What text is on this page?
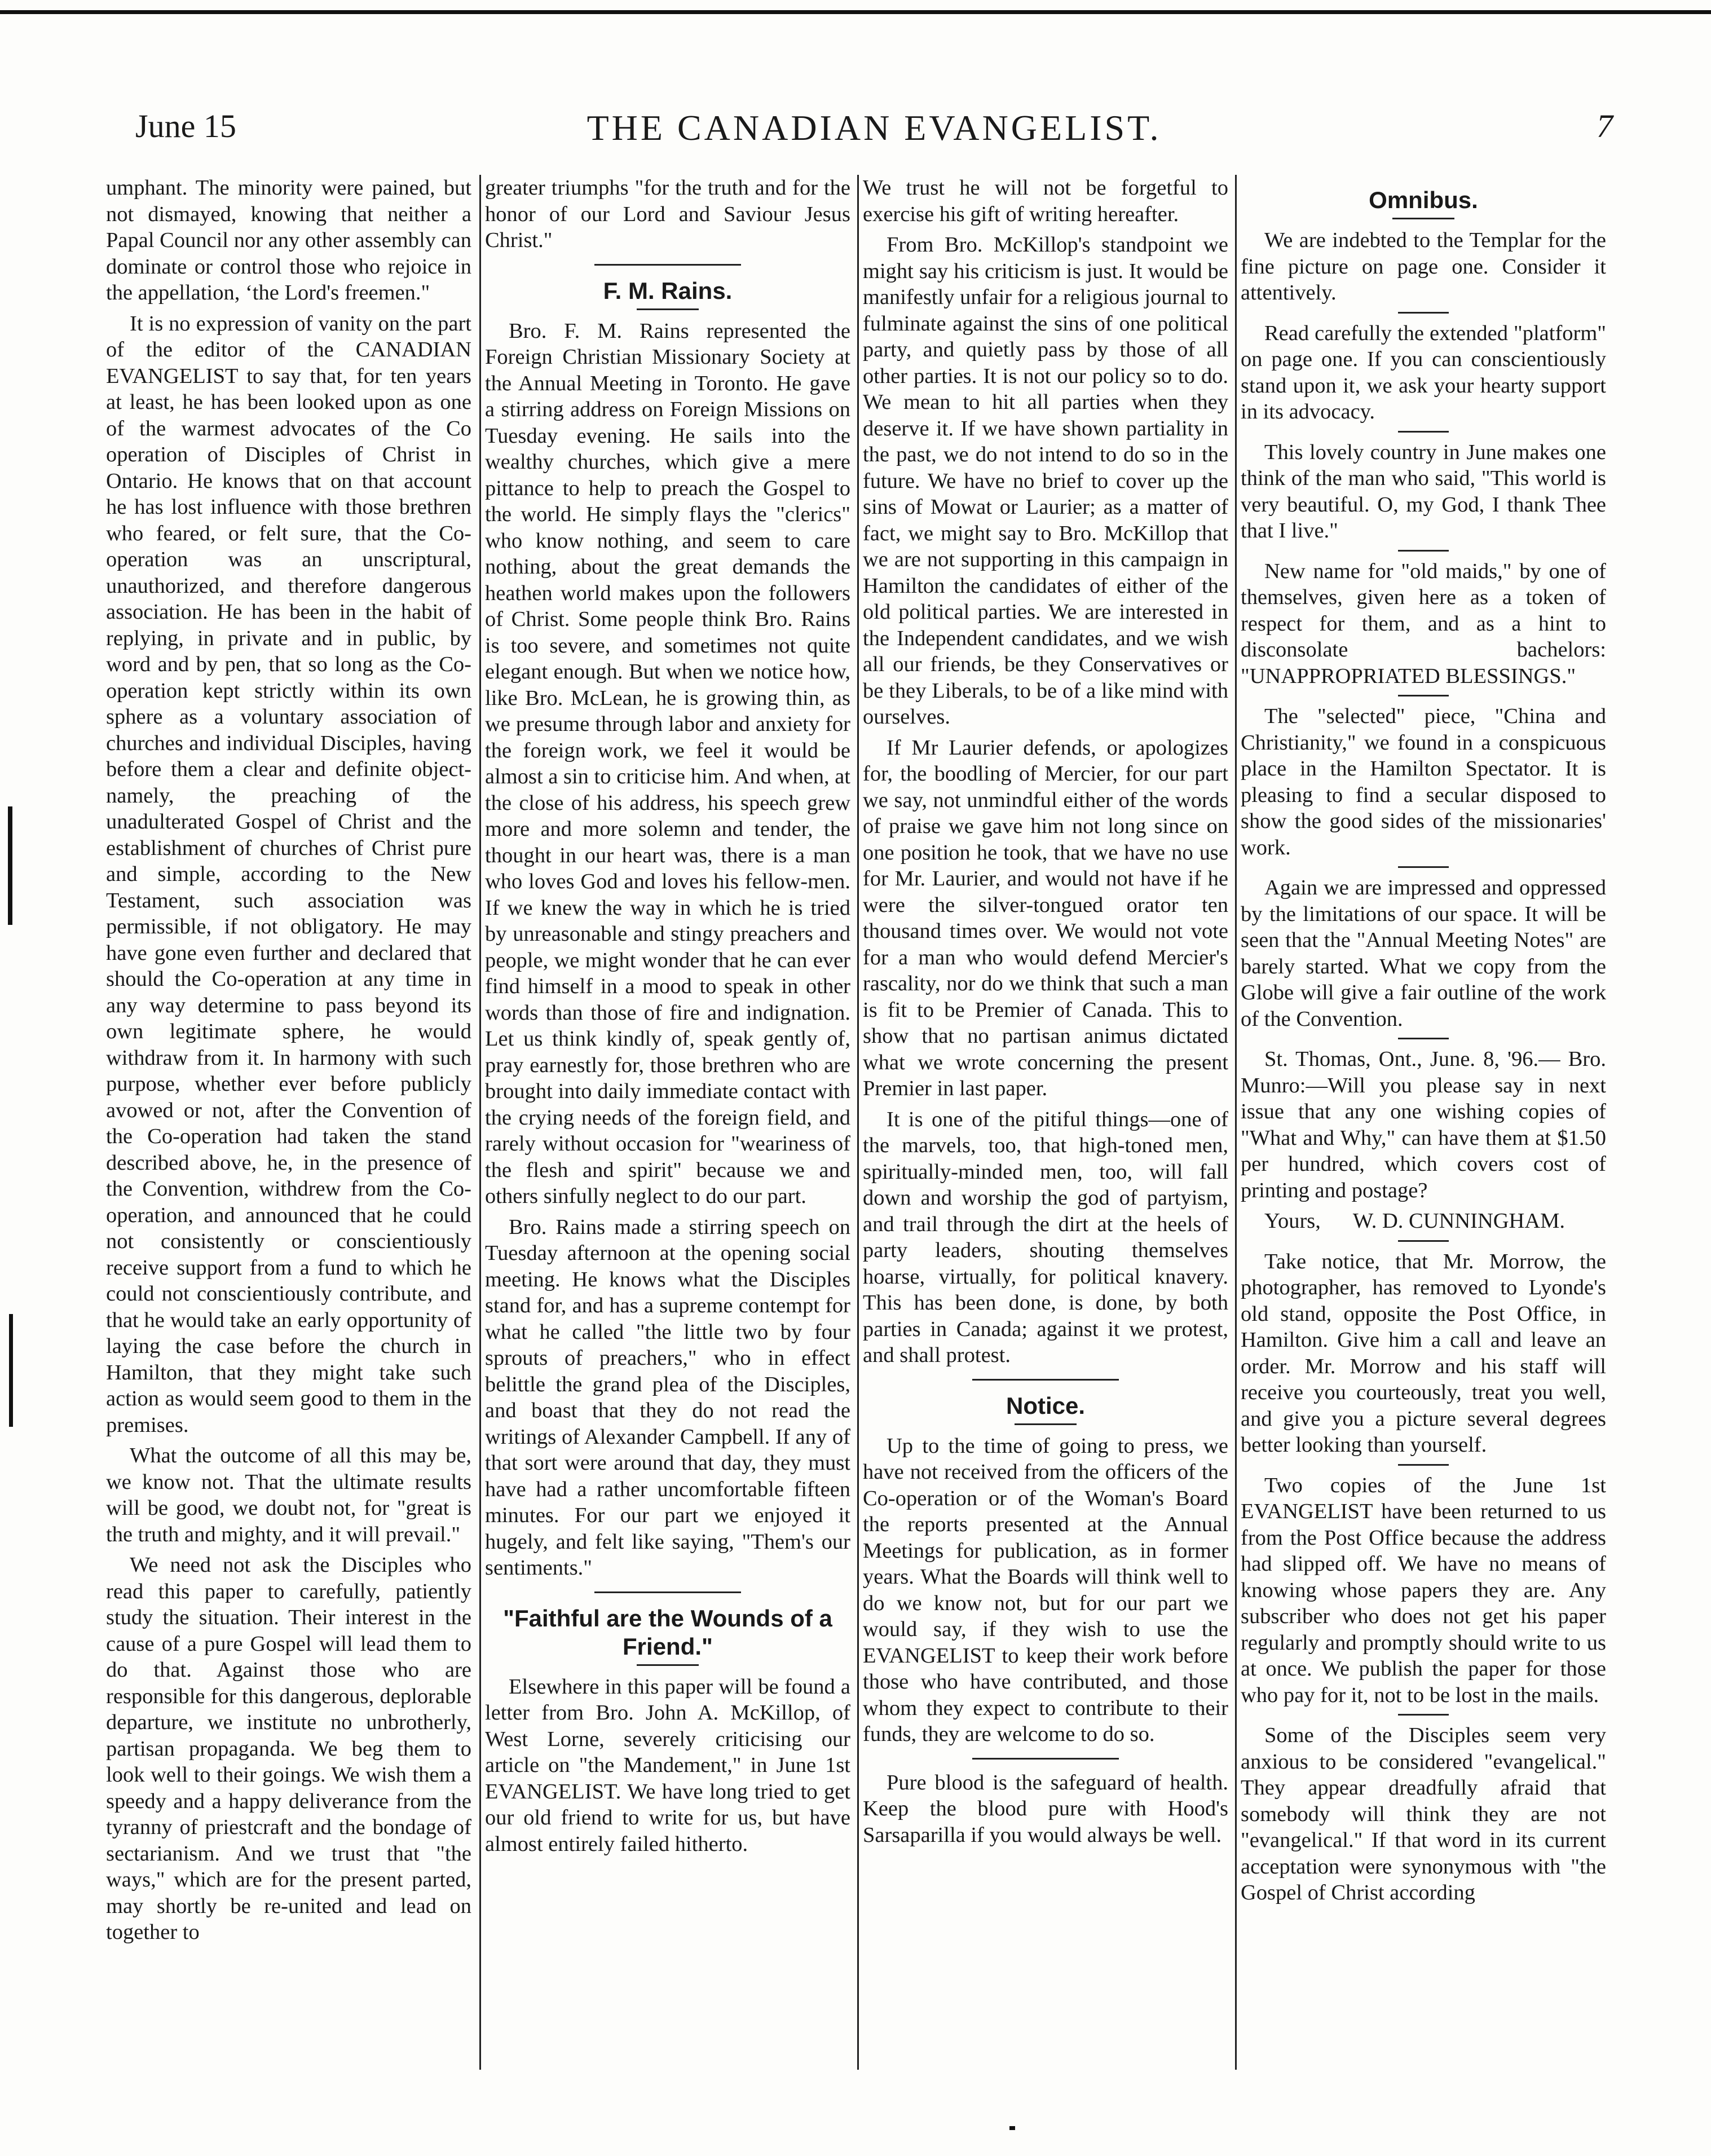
June 15	THE CANADIAN EVANGELIST.	7

umphant. The minority were pained, but not dismayed, knowing that neither a Papal Council nor any other assembly can dominate or control those who rejoice in the appellation, ‘the Lord's freemen."

It is no expression of vanity on the part of the editor of the CANADIAN EVANGELIST to say that, for ten years at least, he has been looked upon as one of the warmest advocates of the Co operation of Disciples of Christ in Ontario. He knows that on that account he has lost influence with those brethren who feared, or felt sure, that the Co-operation was an unscriptural, unauthorized, and therefore dangerous association. He has been in the habit of replying, in private and in public, by word and by pen, that so long as the Co-operation kept strictly within its own sphere as a voluntary association of churches and individual Disciples, having before them a clear and definite object- namely, the preaching of the unadulterated Gospel of Christ and the establishment of churches of Christ pure and simple, according to the New Testament, such association was permissible, if not obligatory. He may have gone even further and declared that should the Co-operation at any time in any way determine to pass beyond its own legitimate sphere, he would withdraw from it. In harmony with such purpose, whether ever before publicly avowed or not, after the Convention of the Co-operation had taken the stand described above, he, in the presence of the Convention, withdrew from the Co-operation, and announced that he could not consistently or conscientiously receive support from a fund to which he could not conscientiously contribute, and that he would take an early opportunity of laying the case before the church in Hamilton, that they might take such action as would seem good to them in the premises.

What the outcome of all this may be, we know not. That the ultimate results will be good, we doubt not, for "great is the truth and mighty, and it will prevail."

We need not ask the Disciples who read this paper to carefully, patiently study the situation. Their interest in the cause of a pure Gospel will lead them to do that. Against those who are responsible for this dangerous, deplorable departure, we institute no unbrotherly, partisan propaganda. We beg them to look well to their goings. We wish them a speedy and a happy deliverance from the tyranny of priestcraft and the bondage of sectarianism. And we trust that "the ways," which are for the present parted, may shortly be re-united and lead on together to

greater triumphs "for the truth and for the honor of our Lord and Saviour Jesus Christ."

F. M. Rains.

Bro. F. M. Rains represented the Foreign Christian Missionary Society at the Annual Meeting in Toronto. He gave a stirring address on Foreign Missions on Tuesday evening. He sails into the wealthy churches, which give a mere pittance to help to preach the Gospel to the world. He simply flays the "clerics" who know nothing, and seem to care nothing, about the great demands the heathen world makes upon the followers of Christ. Some people think Bro. Rains is too severe, and sometimes not quite elegant enough. But when we notice how, like Bro. McLean, he is growing thin, as we presume through labor and anxiety for the foreign work, we feel it would be almost a sin to criticise him. And when, at the close of his address, his speech grew more and more solemn and tender, the thought in our heart was, there is a man who loves God and loves his fellow-men. If we knew the way in which he is tried by unreasonable and stingy preachers and people, we might wonder that he can ever find himself in a mood to speak in other words than those of fire and indignation. Let us think kindly of, speak gently of, pray earnestly for, those brethren who are brought into daily immediate contact with the crying needs of the foreign field, and rarely without occasion for "weariness of the flesh and spirit" because we and others sinfully neglect to do our part.

Bro. Rains made a stirring speech on Tuesday afternoon at the opening social meeting. He knows what the Disciples stand for, and has a supreme contempt for what he called "the little two by four sprouts of preachers," who in effect belittle the grand plea of the Disciples, and boast that they do not read the writings of Alexander Campbell. If any of that sort were around that day, they must have had a rather uncomfortable fifteen minutes. For our part we enjoyed it hugely, and felt like saying, "Them's our sentiments."

"Faithful are the Wounds of a Friend."

Elsewhere in this paper will be found a letter from Bro. John A. McKillop, of West Lorne, severely criticising our article on "the Mandement," in June 1st EVANGELIST. We have long tried to get our old friend to write for us, but have almost entirely failed hitherto.

We trust he will not be forgetful to exercise his gift of writing hereafter.

From Bro. McKillop's standpoint we might say his criticism is just. It would be manifestly unfair for a religious journal to fulminate against the sins of one political party, and quietly pass by those of all other parties. It is not our policy so to do. We mean to hit all parties when they deserve it. If we have shown partiality in the past, we do not intend to do so in the future. We have no brief to cover up the sins of Mowat or Laurier; as a matter of fact, we might say to Bro. McKillop that we are not supporting in this campaign in Hamilton the candidates of either of the old political parties. We are interested in the Independent candidates, and we wish all our friends, be they Conservatives or be they Liberals, to be of a like mind with ourselves.

If Mr Laurier defends, or apologizes for, the boodling of Mercier, for our part we say, not unmindful either of the words of praise we gave him not long since on one position he took, that we have no use for Mr. Laurier, and would not have if he were the silver-tongued orator ten thousand times over. We would not vote for a man who would defend Mercier's rascality, nor do we think that such a man is fit to be Premier of Canada. This to show that no partisan animus dictated what we wrote concerning the present Premier in last paper.

It is one of the pitiful things—one of the marvels, too, that high-toned men, spiritually-minded men, too, will fall down and worship the god of partyism, and trail through the dirt at the heels of party leaders, shouting themselves hoarse, virtually, for political knavery. This has been done, is done, by both parties in Canada; against it we protest, and shall protest.

Notice.

Up to the time of going to press, we have not received from the officers of the Co-operation or of the Woman's Board the reports presented at the Annual Meetings for publication, as in former years. What the Boards will think well to do we know not, but for our part we would say, if they wish to use the EVANGELIST to keep their work before those who have contributed, and those whom they expect to contribute to their funds, they are welcome to do so.

Pure blood is the safeguard of health. Keep the blood pure with Hood's Sarsaparilla if you would always be well.

Omnibus.

We are indebted to the Templar for the fine picture on page one. Consider it attentively.

Read carefully the extended "platform" on page one. If you can conscientiously stand upon it, we ask your hearty support in its advocacy.

This lovely country in June makes one think of the man who said, "This world is very beautiful. O, my God, I thank Thee that I live."

New name for "old maids," by one of themselves, given here as a token of respect for them, and as a hint to disconsolate bachelors: "UNAPPROPRIATED BLESSINGS."

The "selected" piece, "China and Christianity," we found in a conspicuous place in the Hamilton Spectator. It is pleasing to find a secular disposed to show the good sides of the missionaries' work.

Again we are impressed and oppressed by the limitations of our space. It will be seen that the "Annual Meeting Notes" are barely started. What we copy from the Globe will give a fair outline of the work of the Convention.

St. Thomas, Ont., June. 8, '96.— Bro. Munro:—Will you please say in next issue that any one wishing copies of "What and Why," can have them at $1.50 per hundred, which covers cost of printing and postage?

Yours,      W. D. CUNNINGHAM.

Take notice, that Mr. Morrow, the photographer, has removed to Lyonde's old stand, opposite the Post Office, in Hamilton. Give him a call and leave an order. Mr. Morrow and his staff will receive you courteously, treat you well, and give you a picture several degrees better looking than yourself.

Two copies of the June 1st EVANGELIST have been returned to us from the Post Office because the address had slipped off. We have no means of knowing whose papers they are. Any subscriber who does not get his paper regularly and promptly should write to us at once. We publish the paper for those who pay for it, not to be lost in the mails.

Some of the Disciples seem very anxious to be considered "evangelical." They appear dreadfully afraid that somebody will think they are not "evangelical." If that word in its current acceptation were synonymous with "the Gospel of Christ according
